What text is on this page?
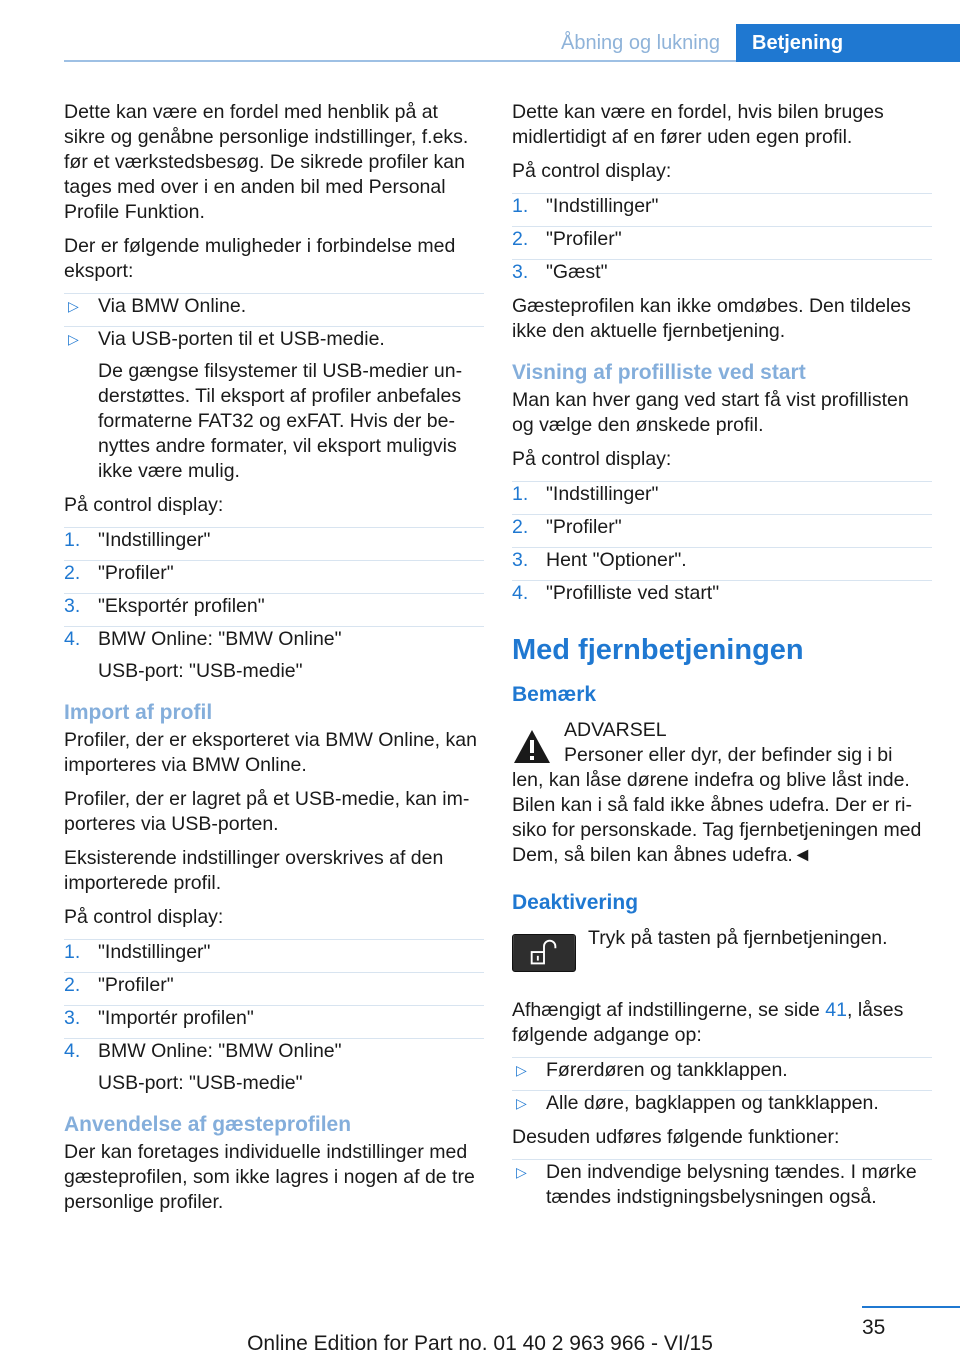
Åbning og lukning	Betjening

Dette kan være en fordel med henblik på at sikre og genåbne personlige indstillinger, f.eks. før et værkstedsbesøg. De sikrede profiler kan tages med over i en anden bil med Personal Profile Funktion.

Der er følgende muligheder i forbindelse med eksport:

▷ Via BMW Online.
▷ Via USB-porten til et USB-medie.
De gængse filsystemer til USB-medier understøttes. Til eksport af profiler anbefales formaterne FAT32 og exFAT. Hvis der benyttes andre formater, vil eksport muligvis ikke være mulig.

På control display:

1. "Indstillinger"
2. "Profiler"
3. "Eksportér profilen"
4. BMW Online: "BMW Online"
USB-port: "USB-medie"
Import af profil

Profiler, der er eksporteret via BMW Online, kan importeres via BMW Online.

Profiler, der er lagret på et USB-medie, kan importeres via USB-porten.

Eksisterende indstillinger overskrives af den importerede profil.

På control display:

1. "Indstillinger"
2. "Profiler"
3. "Importér profilen"
4. BMW Online: "BMW Online"
USB-port: "USB-medie"
Anvendelse af gæsteprofilen

Der kan foretages individuelle indstillinger med gæsteprofilen, som ikke lagres i nogen af de tre personlige profiler.

Dette kan være en fordel, hvis bilen bruges midlertidigt af en fører uden egen profil.

På control display:

1. "Indstillinger"
2. "Profiler"
3. "Gæst"

Gæsteprofilen kan ikke omdøbes. Den tildeles ikke den aktuelle fjernbetjening.

Visning af profilliste ved start

Man kan hver gang ved start få vist profillisten og vælge den ønskede profil.

På control display:

1. "Indstillinger"
2. "Profiler"
3. Hent "Optioner".
4. "Profilliste ved start"
Med fjernbetjeningen
Bemærk
ADVARSEL
Personer eller dyr, der befinder sig i bi
len, kan låse dørene indefra og blive låst inde. Bilen kan i så fald ikke åbnes udefra. Der er risiko for personskade. Tag fjernbetjeningen med Dem, så bilen kan åbnes udefra.◄
Deaktivering
Tryk på tasten på fjernbetjeningen.

Afhængigt af indstillingerne, se side 41, låses følgende adgange op:

▷ Førerdøren og tankklappen.
▷ Alle døre, bagklappen og tankklappen.

Desuden udføres følgende funktioner:

▷ Den indvendige belysning tændes. I mørke tændes indstigningsbelysningen også.
35
Online Edition for Part no. 01 40 2 963 966 - VI/15
